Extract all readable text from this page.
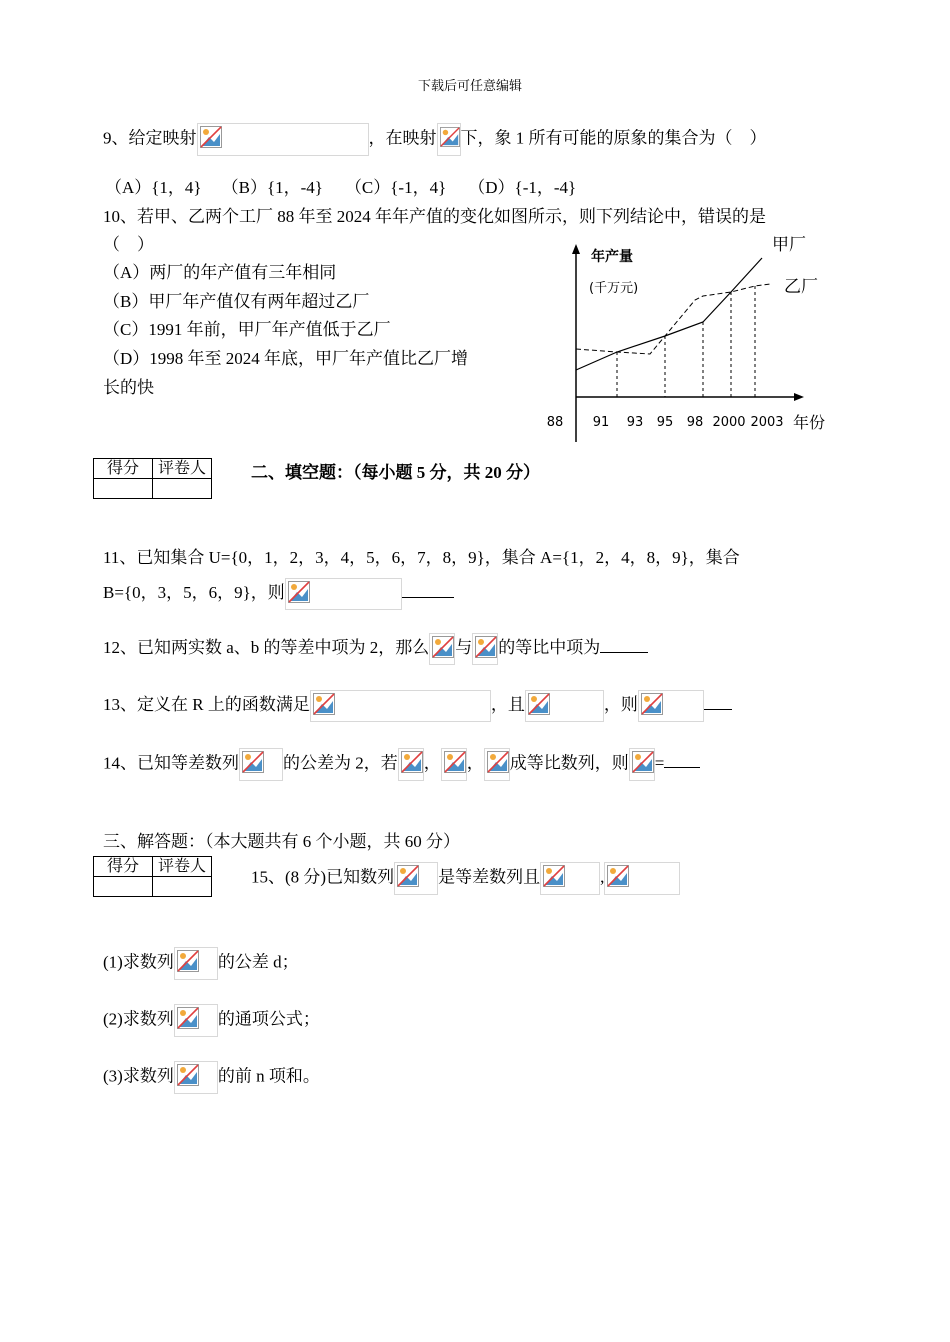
下载后可任意编辑
9、给定映射	，在映射 下，象 1 所有可能的原象的集合为（　）
（A）{1，4} （B）{1，-4} （C）{-1，4} （D）{-1，-4}
10、若甲、乙两个工厂 88 年至 2024 年年产值的变化如图所示，则下列结论中，错误的是
（　）
（A）两厂的年产值有三年相同
（B）甲厂年产值仅有两年超过乙厂
（C）1991 年前，甲厂年产值低于乙厂
（D）1998 年至 2024 年底，甲厂年产值比乙厂增
长的快
年产量
(千万元)
年份
88 91 93 95 98 2000 2003
甲厂
乙厂
得分	评卷人
		二、填空题：（每小题 5 分，共 20 分）
11、已知集合 U={0，1，2，3，4，5，6，7，8，9}，集合 A={1，2，4，8，9}，集合
B={0，3，5，6，9}，则
12、已知两实数 a、b 的等差中项为 2，那么 与 的等比中项为
13、定义在 R 上的函数满足	，且	，则
14、已知等差数列	的公差为 2，若 ， ， 成等比数列，则 =
三、解答题：（本大题共有 6 个小题，共 60 分）
得分	评卷人

15、(8 分)已知数列	是等差数列且	,
(1)求数列	的公差 d；
(2)求数列	的通项公式；
(3)求数列	的前 n 项和。
